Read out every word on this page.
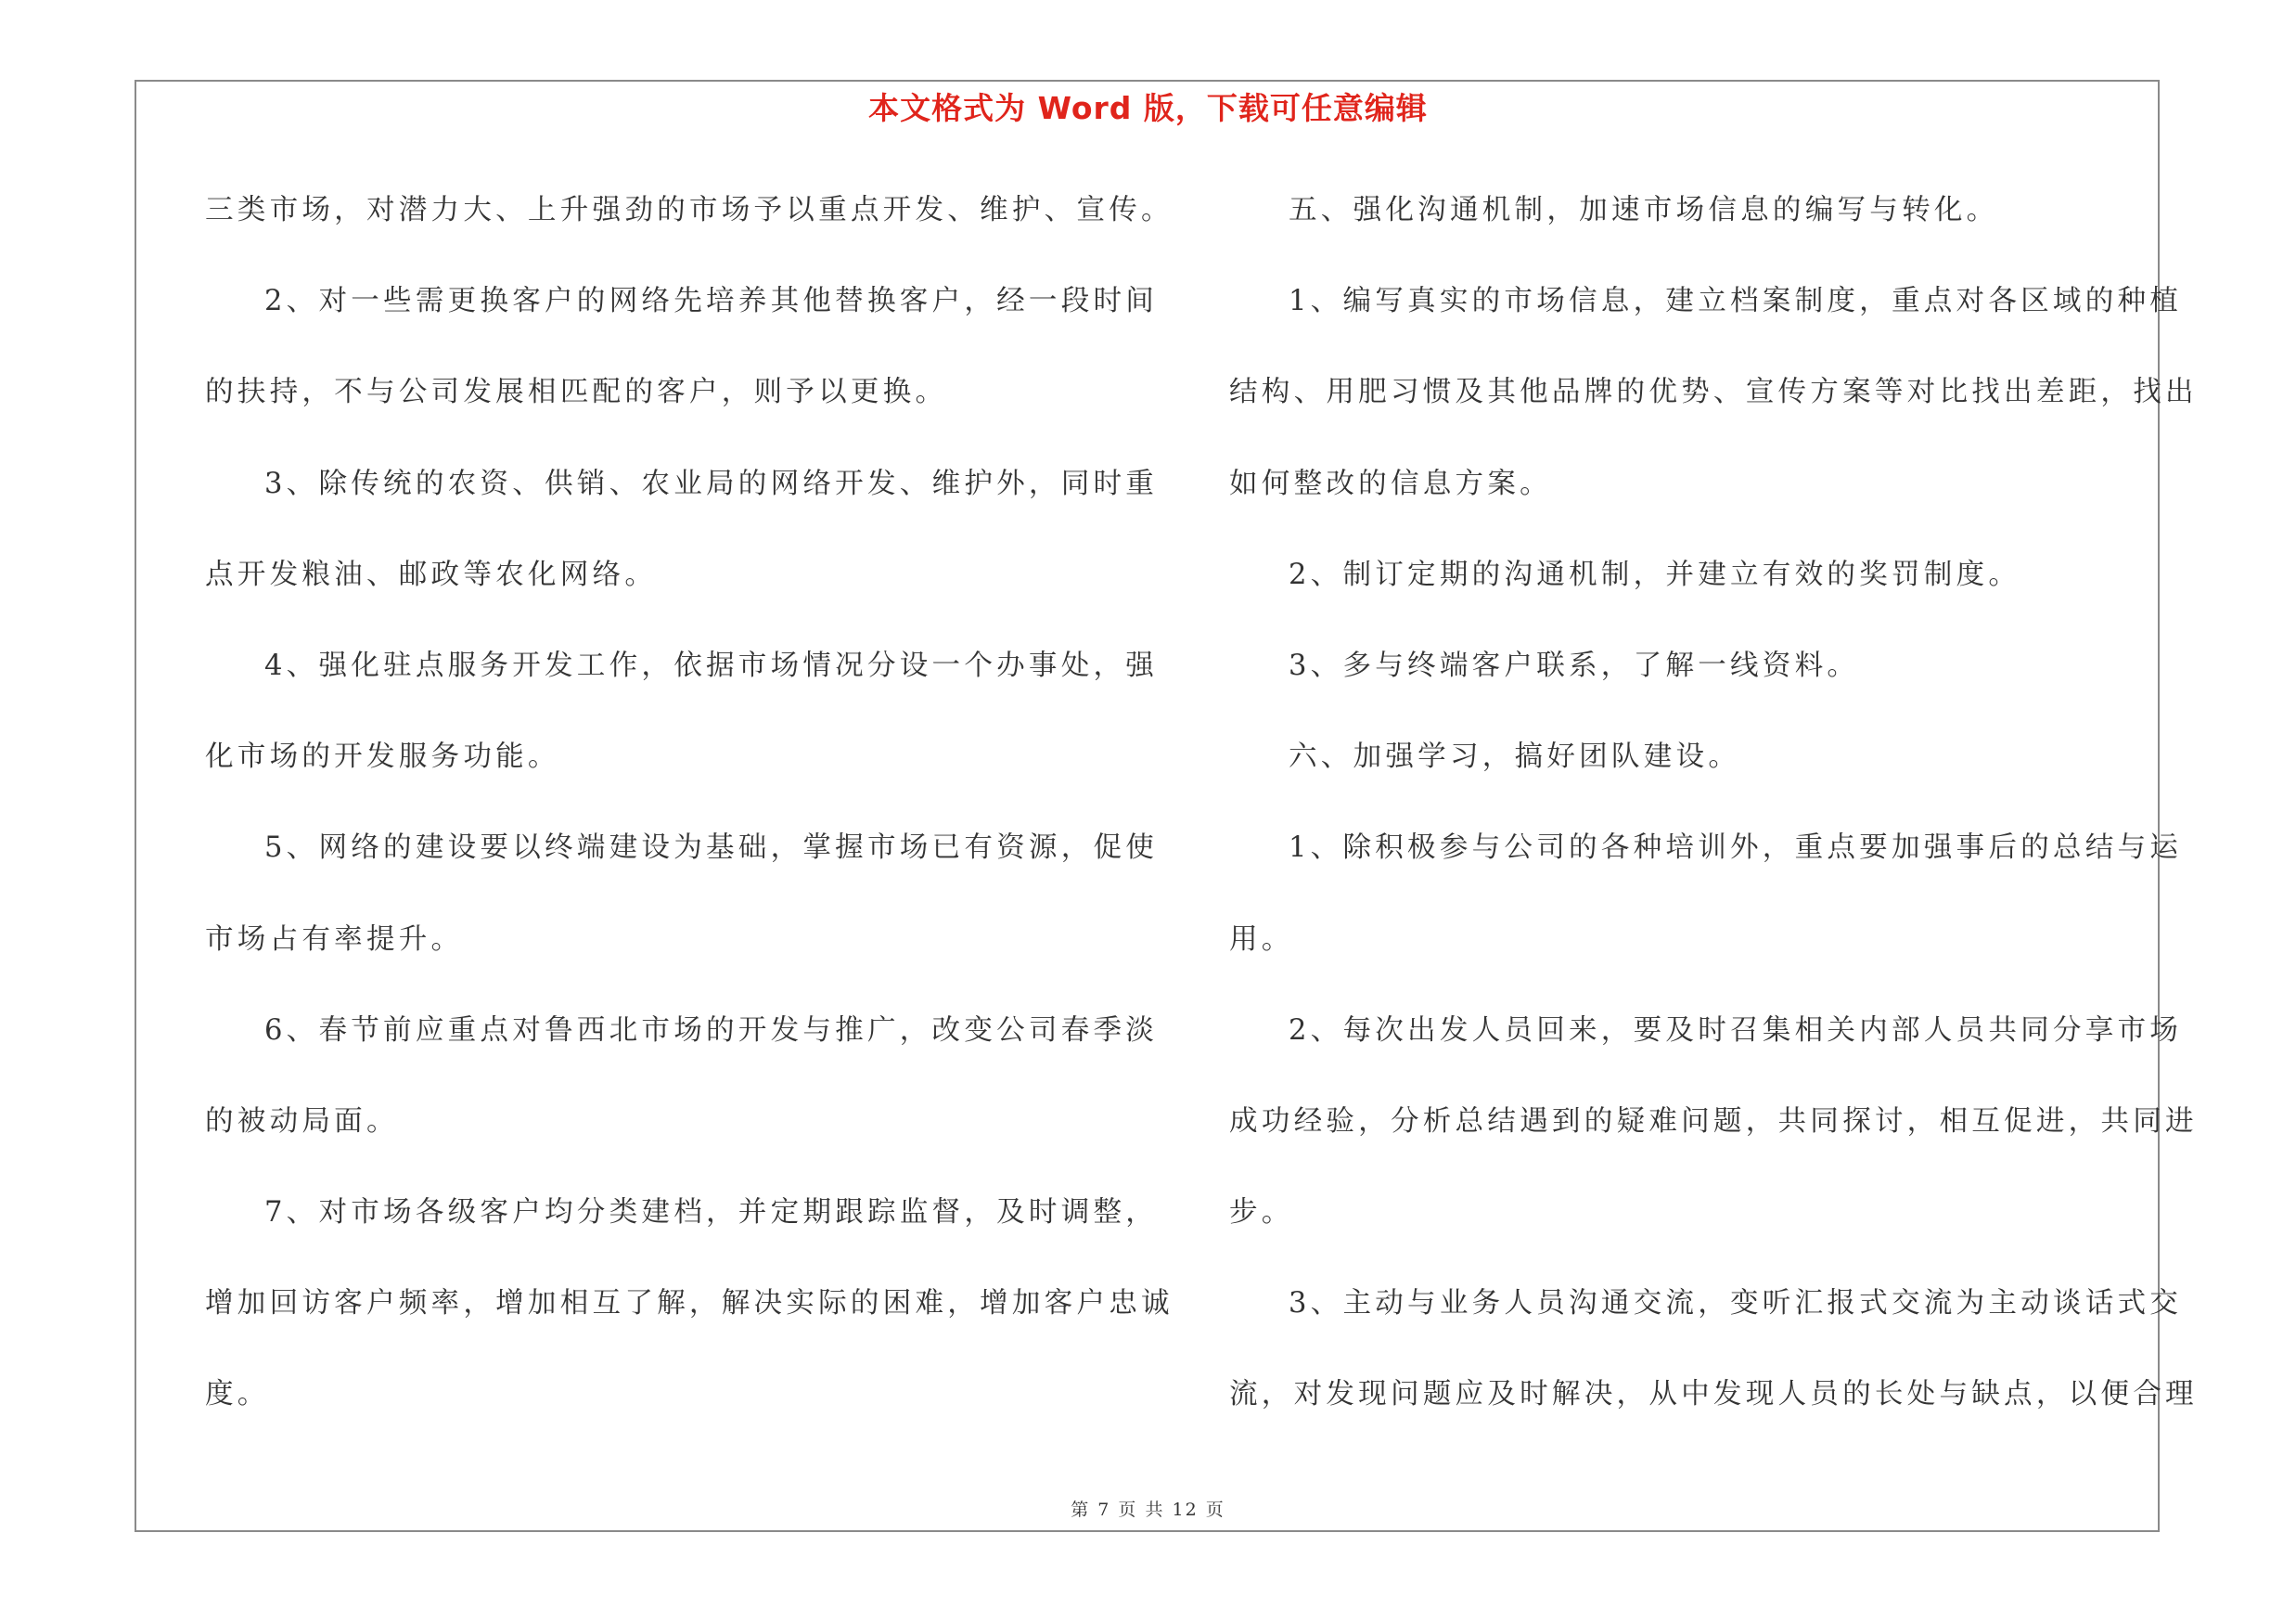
本文格式为 Word 版，下载可任意编辑
三类市场，对潜力大、上升强劲的市场予以重点开发、维护、宣传。
2、对一些需更换客户的网络先培养其他替换客户，经一段时间
的扶持，不与公司发展相匹配的客户，则予以更换。
3、除传统的农资、供销、农业局的网络开发、维护外，同时重
点开发粮油、邮政等农化网络。
4、强化驻点服务开发工作，依据市场情况分设一个办事处，强
化市场的开发服务功能。
5、网络的建设要以终端建设为基础，掌握市场已有资源，促使
市场占有率提升。
6、春节前应重点对鲁西北市场的开发与推广，改变公司春季淡
的被动局面。
7、对市场各级客户均分类建档，并定期跟踪监督，及时调整，
增加回访客户频率，增加相互了解，解决实际的困难，增加客户忠诚
度。
五、强化沟通机制，加速市场信息的编写与转化。
1、编写真实的市场信息，建立档案制度，重点对各区域的种植
结构、用肥习惯及其他品牌的优势、宣传方案等对比找出差距，找出
如何整改的信息方案。
2、制订定期的沟通机制，并建立有效的奖罚制度。
3、多与终端客户联系，了解一线资料。
六、加强学习，搞好团队建设。
1、除积极参与公司的各种培训外，重点要加强事后的总结与运
用。
2、每次出发人员回来，要及时召集相关内部人员共同分享市场
成功经验，分析总结遇到的疑难问题，共同探讨，相互促进，共同进
步。
3、主动与业务人员沟通交流，变听汇报式交流为主动谈话式交
流，对发现问题应及时解决，从中发现人员的长处与缺点，以便合理
第 7 页 共 12 页
